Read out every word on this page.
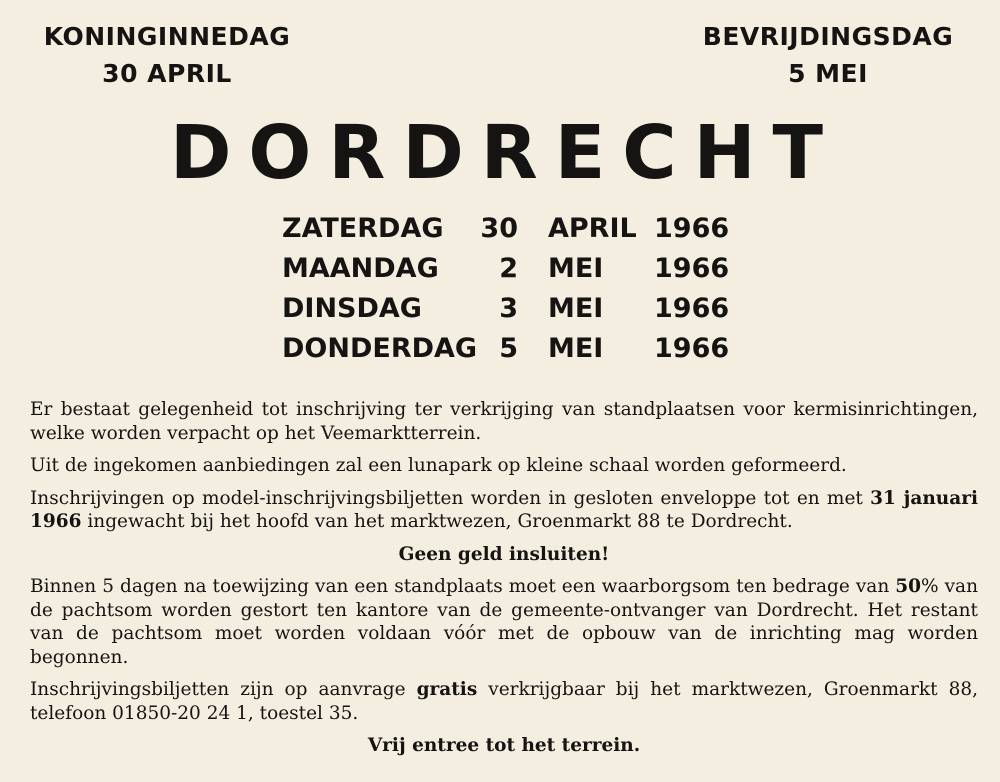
KONINGINNEDAG
30 APRIL
BEVRIJDINGSDAG
5 MEI
DORDRECHT
ZATERDAG	30 APRIL 1966
MAANDAG	2 MEI 1966
DINSDAG	3 MEI 1966
DONDERDAG 5 MEI 1966

Er bestaat gelegenheid tot inschrijving ter verkrijging van standplaatsen voor kermisinrichtingen, welke worden verpacht op het Veemarktterrein.

Uit de ingekomen aanbiedingen zal een lunapark op kleine schaal worden geformeerd.

Inschrijvingen op model-inschrijvingsbiljetten worden in gesloten enveloppe tot en met 31 januari 1966 ingewacht bij het hoofd van het marktwezen, Groenmarkt 88 te Dordrecht.

Geen geld insluiten!

Binnen 5 dagen na toewijzing van een standplaats moet een waarborgsom ten bedrage van 50% van de pachtsom worden gestort ten kantore van de gemeente-ontvanger van Dordrecht. Het restant van de pachtsom moet worden voldaan vóór met de opbouw van de inrichting mag worden begonnen.

Inschrijvingsbiljetten zijn op aanvrage gratis verkrijgbaar bij het marktwezen, Groenmarkt 88, telefoon 01850-20 24 1, toestel 35.

Vrij entree tot het terrein.
